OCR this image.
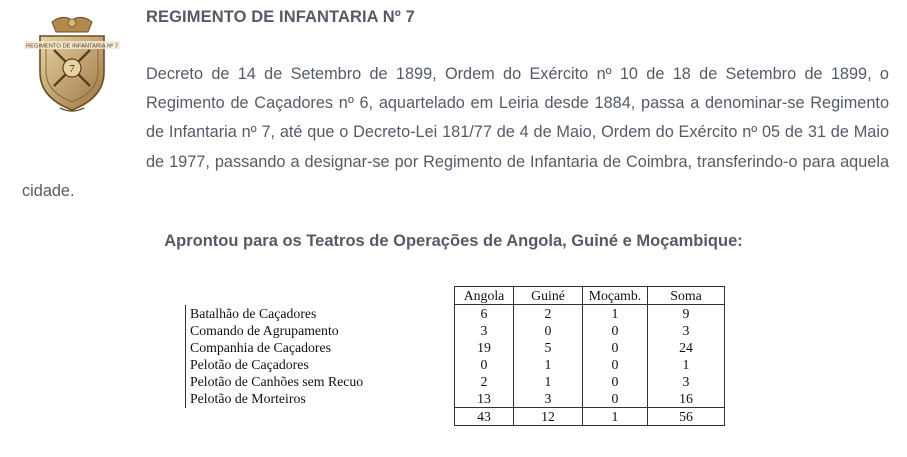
7
REGIMENTO DE INFANTARIA Nº 7
REGIMENTO DE INFANTARIA Nº 7

Decreto de 14 de Setembro de 1899, Ordem do Exército nº 10 de 18 de Setembro de 1899, o Regimento de Caçadores nº 6, aquartelado em Leiria desde 1884, passa a denominar-se Regimento de Infantaria nº 7, até que o Decreto-Lei 181/77 de 4 de Maio, Ordem do Exército nº 05 de 31 de Maio de 1977, passando a designar-se por Regimento de Infantaria de Coimbra, transferindo-o para aquela cidade.

Aprontou para os Teatros de Operações de Angola, Guiné e Moçambique:
	Angola	Guiné	Moçamb.	Soma
Batalhão de Caçadores	6	2	1	9
Comando de Agrupamento	3	0	0	3
Companhia de Caçadores	19	5	0	24
Pelotão de Caçadores	0	1	0	1
Pelotão de Canhões sem Recuo	2	1	0	3
Pelotão de Morteiros	13	3	0	16
	43	12	1	56
